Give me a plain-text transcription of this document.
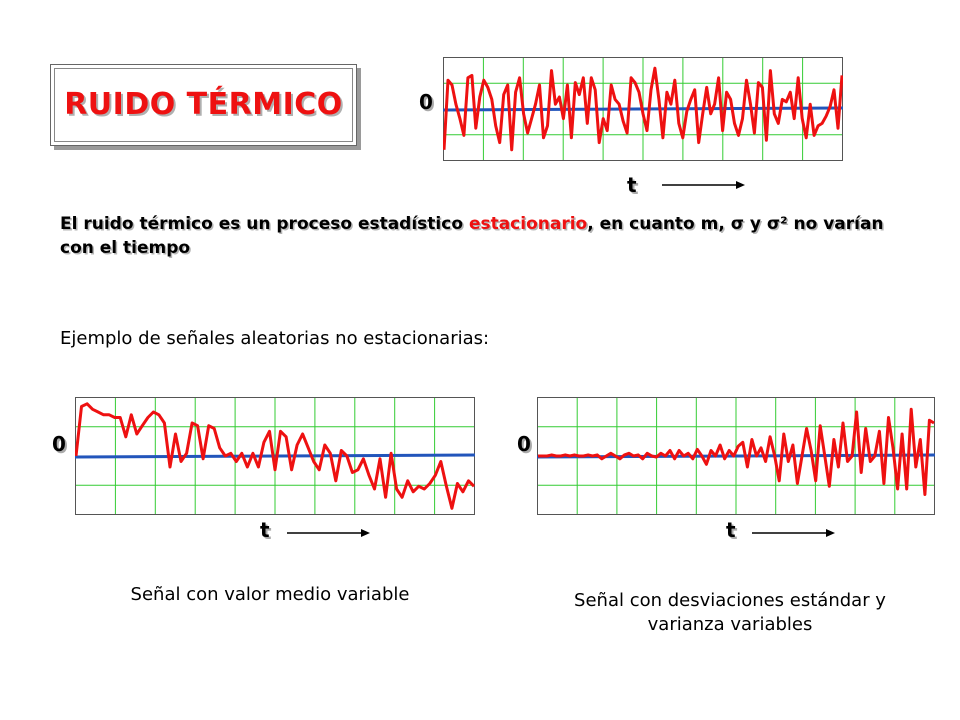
RUIDO TÉRMICO	0
t
El ruido térmico es un proceso estadístico estacionario, en cuanto m, σ y σ² no varían con el tiempo
Ejemplo de señales aleatorias no estacionarias:
0
t
Señal con valor medio variable
0
t
Señal con desviaciones estándar y varianza variables
